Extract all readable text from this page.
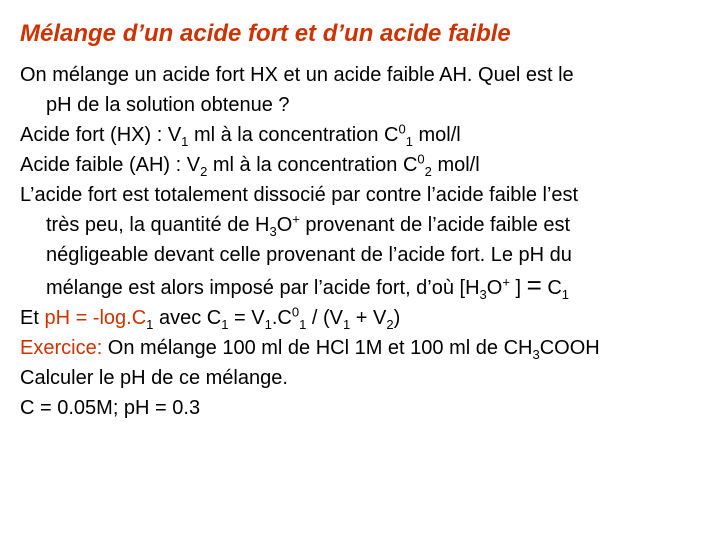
Mélange d’un acide fort et d’un acide faible
On mélange un acide fort HX et un acide faible AH. Quel est le
pH de la solution obtenue ?
Acide fort (HX) : $V_1$ ml à la concentration $C^0_1$ mol/l
Acide faible (AH) : $V_2$ ml à la concentration $C^0_2$ mol/l
L’acide fort est totalement dissocié par contre l’acide faible l’est
très peu, la quantité de $H_3O^+$ provenant de l’acide faible est
négligeable devant celle provenant de l’acide fort. Le pH du
mélange est alors imposé par l’acide fort, d’où [$H_3O^+$ ] = $C_1$
Et pH = $-\log.C_1$ avec $C_1 = V_1.C^0_1 / (V_1 + V_2)$
Exercice: On mélange 100 ml de HCl 1M et 100 ml de $CH_3COOH$
Calculer le pH de ce mélange.
C = 0.05M; pH = 0.3
